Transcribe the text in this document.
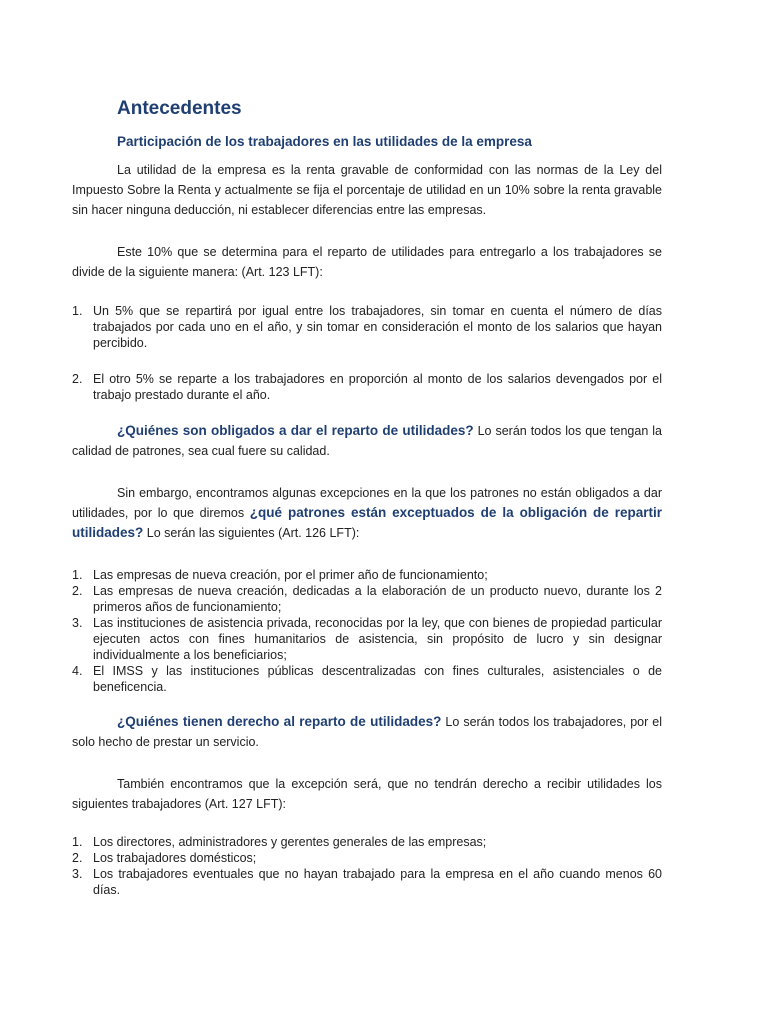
Antecedentes
Participación de los trabajadores en las utilidades de la empresa

La utilidad de la empresa es la renta gravable de conformidad con las normas de la Ley del Impuesto Sobre la Renta y actualmente se fija el porcentaje de utilidad en un 10% sobre la renta gravable sin hacer ninguna deducción, ni establecer diferencias entre las empresas.

Este 10% que se determina para el reparto de utilidades para entregarlo a los trabajadores se divide de la siguiente manera: (Art. 123 LFT):

1. Un 5% que se repartirá por igual entre los trabajadores, sin tomar en cuenta el número de días trabajados por cada uno en el año, y sin tomar en consideración el monto de los salarios que hayan percibido.
2. El otro 5% se reparte a los trabajadores en proporción al monto de los salarios devengados por el trabajo prestado durante el año.

¿Quiénes son obligados a dar el reparto de utilidades? Lo serán todos los que tengan la calidad de patrones, sea cual fuere su calidad.

Sin embargo, encontramos algunas excepciones en la que los patrones no están obligados a dar utilidades, por lo que diremos ¿qué patrones están exceptuados de la obligación de repartir utilidades? Lo serán las siguientes (Art. 126 LFT):

1. Las empresas de nueva creación, por el primer año de funcionamiento;
2. Las empresas de nueva creación, dedicadas a la elaboración de un producto nuevo, durante los 2 primeros años de funcionamiento;
3. Las instituciones de asistencia privada, reconocidas por la ley, que con bienes de propiedad particular ejecuten actos con fines humanitarios de asistencia, sin propósito de lucro y sin designar individualmente a los beneficiarios;
4. El IMSS y las instituciones públicas descentralizadas con fines culturales, asistenciales o de beneficencia.

¿Quiénes tienen derecho al reparto de utilidades? Lo serán todos los trabajadores, por el solo hecho de prestar un servicio.

También encontramos que la excepción será, que no tendrán derecho a recibir utilidades los siguientes trabajadores (Art. 127 LFT):

1. Los directores, administradores y gerentes generales de las empresas;
2. Los trabajadores domésticos;
3. Los trabajadores eventuales que no hayan trabajado para la empresa en el año cuando menos 60 días.
